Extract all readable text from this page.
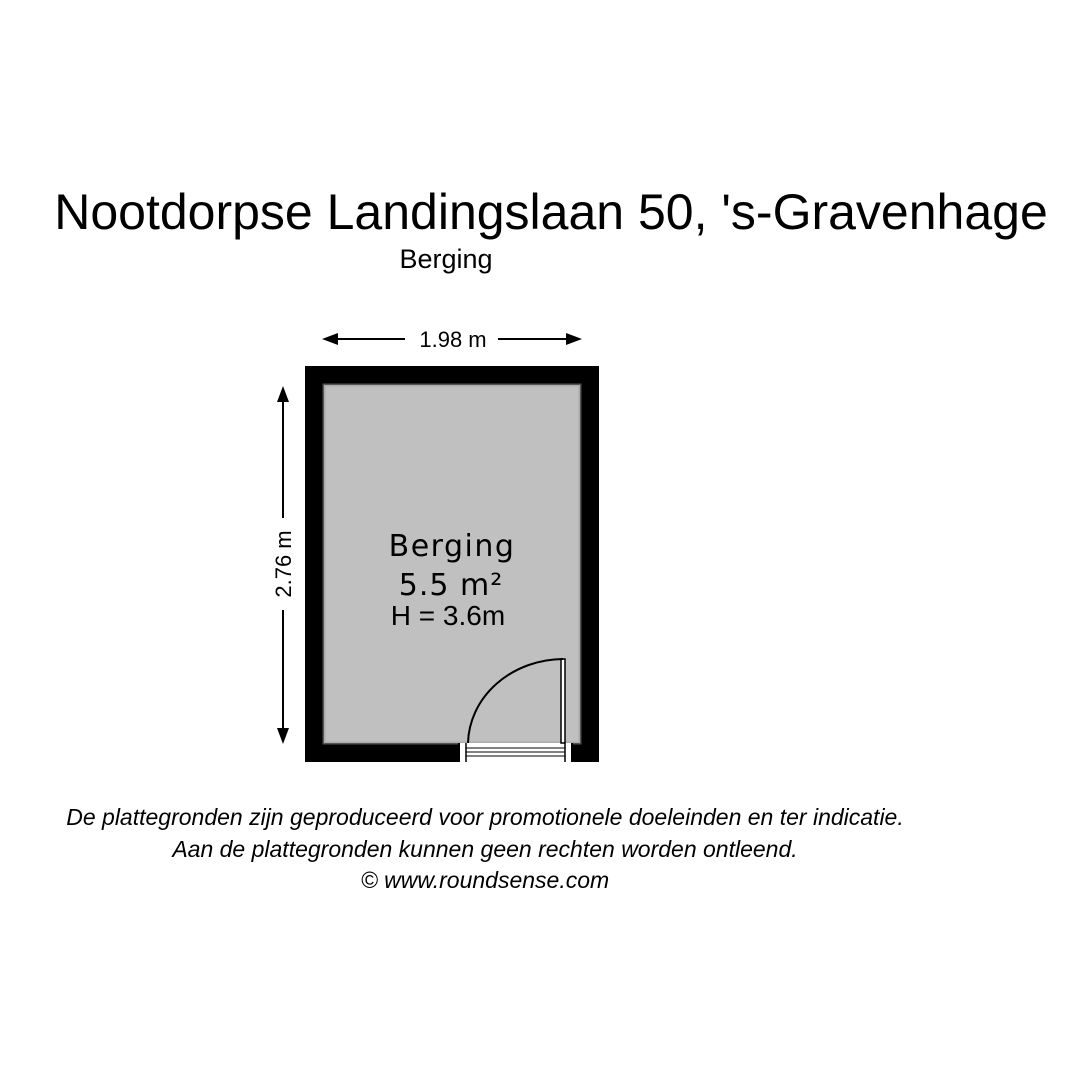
Nootdorpse Landingslaan 50, 's-Gravenhage
Berging
1.98 m
2.76 m	Berging
5.5 m²
H = 3.6m
De plattegronden zijn geproduceerd voor promotionele doeleinden en ter indicatie.
Aan de plattegronden kunnen geen rechten worden ontleend.
© www.roundsense.com
